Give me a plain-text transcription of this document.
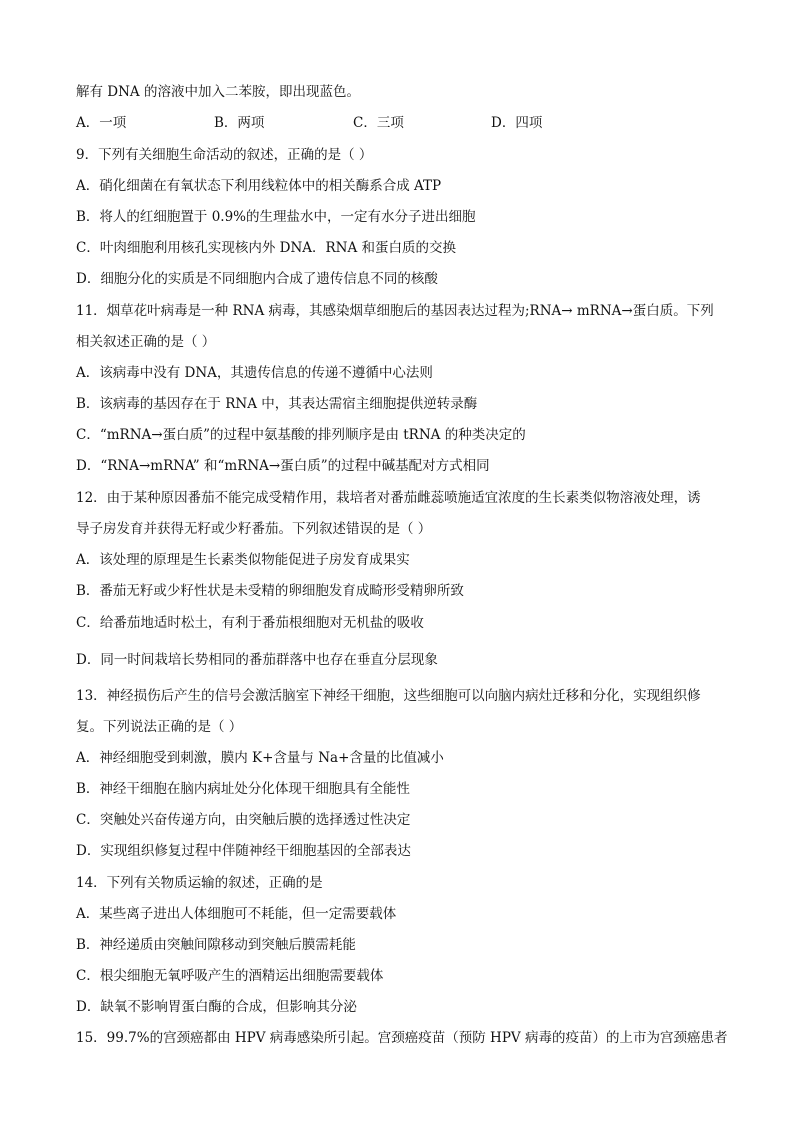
解有 DNA 的溶液中加入二苯胺，即出现蓝色。
A．一项	B．两项	C．三项	D．四项
9．下列有关细胞生命活动的叙述，正确的是（ ）
A．硝化细菌在有氧状态下利用线粒体中的相关酶系合成 ATP
B．将人的红细胞置于 0.9%的生理盐水中，一定有水分子进出细胞
C．叶肉细胞利用核孔实现核内外 DNA．RNA 和蛋白质的交换
D．细胞分化的实质是不同细胞内合成了遗传信息不同的核酸
11．烟草花叶病毒是一种 RNA 病毒，其感染烟草细胞后的基因表达过程为;RNA→ mRNA→蛋白质。下列
相关叙述正确的是（ ）
A．该病毒中没有 DNA，其遗传信息的传递不遵循中心法则
B．该病毒的基因存在于 RNA 中，其表达需宿主细胞提供逆转录酶
C．“mRNA→蛋白质”的过程中氨基酸的排列顺序是由 tRNA 的种类决定的
D．“RNA→mRNA” 和“mRNA→蛋白质”的过程中碱基配对方式相同
12．由于某种原因番茄不能完成受精作用，栽培者对番茄雌蕊喷施适宜浓度的生长素类似物溶液处理，诱
导子房发育并获得无籽或少籽番茄。下列叙述错误的是（ ）
A．该处理的原理是生长素类似物能促进子房发育成果实
B．番茄无籽或少籽性状是未受精的卵细胞发育成畸形受精卵所致
C．给番茄地适时松土，有利于番茄根细胞对无机盐的吸收
D．同一时间栽培长势相同的番茄群落中也存在垂直分层现象
13．神经损伤后产生的信号会激活脑室下神经干细胞，这些细胞可以向脑内病灶迁移和分化，实现组织修
复。下列说法正确的是（ ）
A．神经细胞受到刺激，膜内 K+含量与 Na+含量的比值减小
B．神经干细胞在脑内病址处分化体现干细胞具有全能性
C．突触处兴奋传递方向，由突触后膜的选择透过性决定
D．实现组织修复过程中伴随神经干细胞基因的全部表达
14．下列有关物质运输的叙述，正确的是
A．某些离子进出人体细胞可不耗能，但一定需要载体
B．神经递质由突触间隙移动到突触后膜需耗能
C．根尖细胞无氧呼吸产生的酒精运出细胞需要载体
D．缺氧不影响胃蛋白酶的合成，但影响其分泌
15．99.7%的宫颈癌都由 HPV 病毒感染所引起。宫颈癌疫苗（预防 HPV 病毒的疫苗）的上市为宫颈癌患者
